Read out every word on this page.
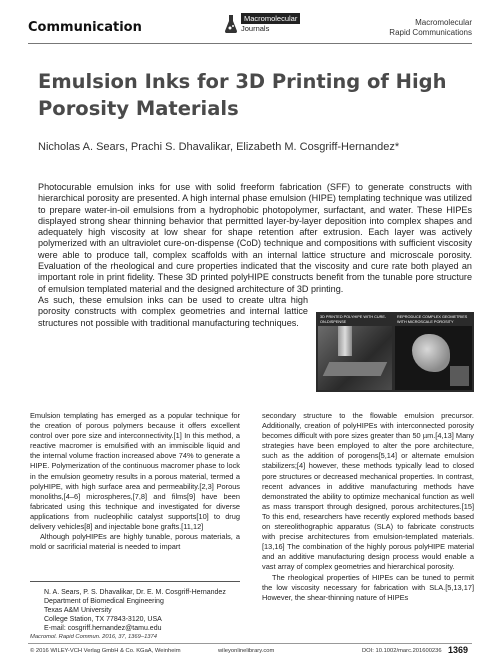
Communication
Macromolecular
Journals
Macromolecular
Rapid Communications
Emulsion Inks for 3D Printing of High Porosity Materials
Nicholas A. Sears, Prachi S. Dhavalikar, Elizabeth M. Cosgriff-Hernandez*
Photocurable emulsion inks for use with solid freeform fabrication (SFF) to generate constructs with hierarchical porosity are presented. A high internal phase emulsion (HIPE) templating technique was utilized to prepare water-in-oil emulsions from a hydrophobic photopolymer, surfactant, and water. These HIPEs displayed strong shear thinning behavior that permitted layer-by-layer deposition into complex shapes and adequately high viscosity at low shear for shape retention after extrusion. Each layer was actively polymerized with an ultraviolet cure-on-dispense (CoD) technique and compositions with sufficient viscosity were able to produce tall, complex scaffolds with an internal lattice structure and microscale porosity. Evaluation of the rheological and cure properties indicated that the viscosity and cure rate both played an important role in print fidelity. These 3D printed polyHIPE constructs benefit from the tunable pore structure of emulsion templated material and the designed architecture of 3D printing.
As such, these emulsion inks can be used to create ultra high porosity constructs with complex geometries and internal lattice structures not possible with traditional manufacturing techniques.
3D PRINTED POLYHIPE WITH CURE-ON-DISPENSE
REPRODUCE COMPLEX GEOMETRIES WITH MICROSCALE POROSITY

Emulsion templating has emerged as a popular technique for the creation of porous polymers because it offers excellent control over pore size and interconnectivity.[1] In this method, a reactive macromer is emulsified with an immiscible liquid and the internal volume fraction increased above 74% to generate a HIPE. Polymerization of the continuous macromer phase to lock in the emulsion geometry results in a porous material, termed a polyHIPE, with high surface area and permeability.[2,3] Porous monoliths,[4–6] microspheres,[7,8] and films[9] have been fabricated using this technique and investigated for diverse applications from nucleophilic catalyst supports[10] to drug delivery vehicles[8] and injectable bone grafts.[11,12]

Although polyHIPEs are highly tunable, porous materials, a mold or sacrificial material is needed to impart

secondary structure to the flowable emulsion precursor. Additionally, creation of polyHIPEs with interconnected porosity becomes difficult with pore sizes greater than 50 µm.[4,13] Many strategies have been employed to alter the pore architecture, such as the addition of porogens[5,14] or alternate emulsion stabilizers;[4] however, these methods typically lead to closed pore structures or decreased mechanical properties. In contrast, recent advances in additive manufacturing methods have demonstrated the ability to optimize mechanical function as well as mass transport through designed, porous architectures.[15] To this end, researchers have recently explored methods based on stereolithographic apparatus (SLA) to fabricate constructs with precise architectures from emulsion-templated materials.[13,16] The combination of the highly porous polyHIPE material and an additive manufacturing design process would enable a vast array of complex geometries and hierarchical porosity.

The rheological properties of HIPEs can be tuned to permit the low viscosity necessary for fabrication with SLA.[5,13,17] However, the shear-thinning nature of HIPEs

N. A. Sears, P. S. Dhavalikar, Dr. E. M. Cosgriff-Hernandez
Department of Biomedical Engineering
Texas A&M University
College Station, TX 77843-3120, USA
E-mail: cosgriff.hernandez@tamu.edu
Macromol. Rapid Commun. 2016, 37, 1369–1374
© 2016 WILEY-VCH Verlag GmbH & Co. KGaA, Weinheim	wileyonlinelibrary.com	DOI: 10.1002/marc.201600236 1369
